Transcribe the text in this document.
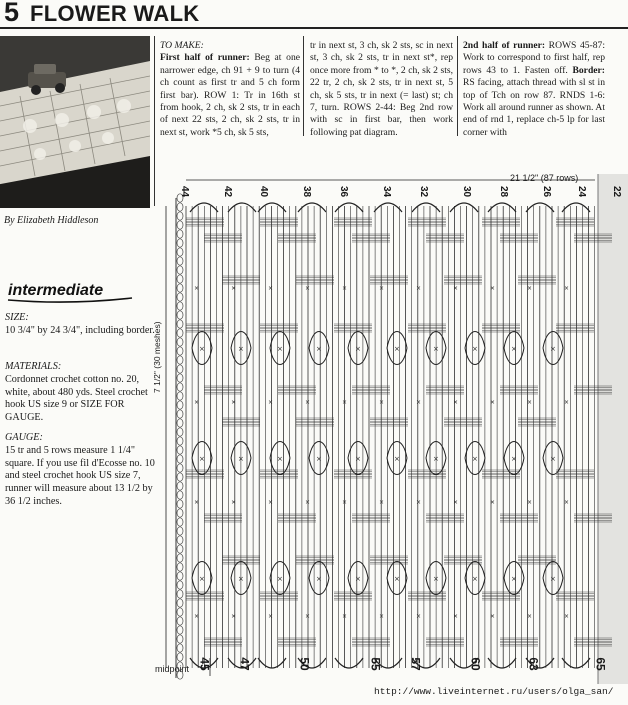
5 FLOWER WALK
By Elizabeth Hiddleson
intermediate
SIZE:
10 3/4" by 24 3/4", including border.
MATERIALS:
Cordonnet crochet cotton no. 20, white, about 480 yds. Steel crochet hook US size 9 or SIZE FOR GAUGE.
GAUGE:
15 tr and 5 rows measure 1 1/4" square. If you use fil d'Ecosse no. 10 and steel crochet hook US size 7, runner will measure about 13 1/2 by 36 1/2 inches.
TO MAKE:
First half of runner: Beg at one narrower edge, ch 91 + 9 to turn (4 ch count as first tr and 5 ch form first bar). ROW 1: Tr in 16th st from hook, 2 ch, sk 2 sts, tr in each of next 22 sts, 2 ch, sk 2 sts, tr in next st, work *5 ch, sk 5 sts,
tr in next st, 3 ch, sk 2 sts, sc in next st, 3 ch, sk 2 sts, tr in next st*, rep once more from * to *, 2 ch, sk 2 sts, 22 tr, 2 ch, sk 2 sts, tr in next st, 5 ch, sk 5 sts, tr in next (= last) st; ch 7, turn. ROWS 2-44: Beg 2nd row with sc in first bar, then work following pat diagram.
2nd half of runner: ROWS 45-87: Work to correspond to first half, rep rows 43 to 1. Fasten off. Border: RS facing, attach thread with sl st in top of Tch on row 87. RNDS 1-6: Work all around runner as shown. At end of rnd 1, replace ch-5 lp for last corner with
21 1/2" (87 rows)
7 1/2" (30 meshes)
midpoint
×
×
×
×
×
×
×
×
×
×
×
×
×
×
×
×
×
×
×
×
×
×
×
×
×
×
×
×
×
×
×
×
×
×
×
×
×
×
×
×
×
×
×
×
×
×
×
×
×
×
×
×
×
×
×
×
×
×
×
×
×
×
×
×
×
×
×
×
×
×
×
×
×
×
44	42	40	38	36	34	32	30	28	26 24 22
45 47	50	55 57	60	63	65
http://www.liveinternet.ru/users/olga_san/
